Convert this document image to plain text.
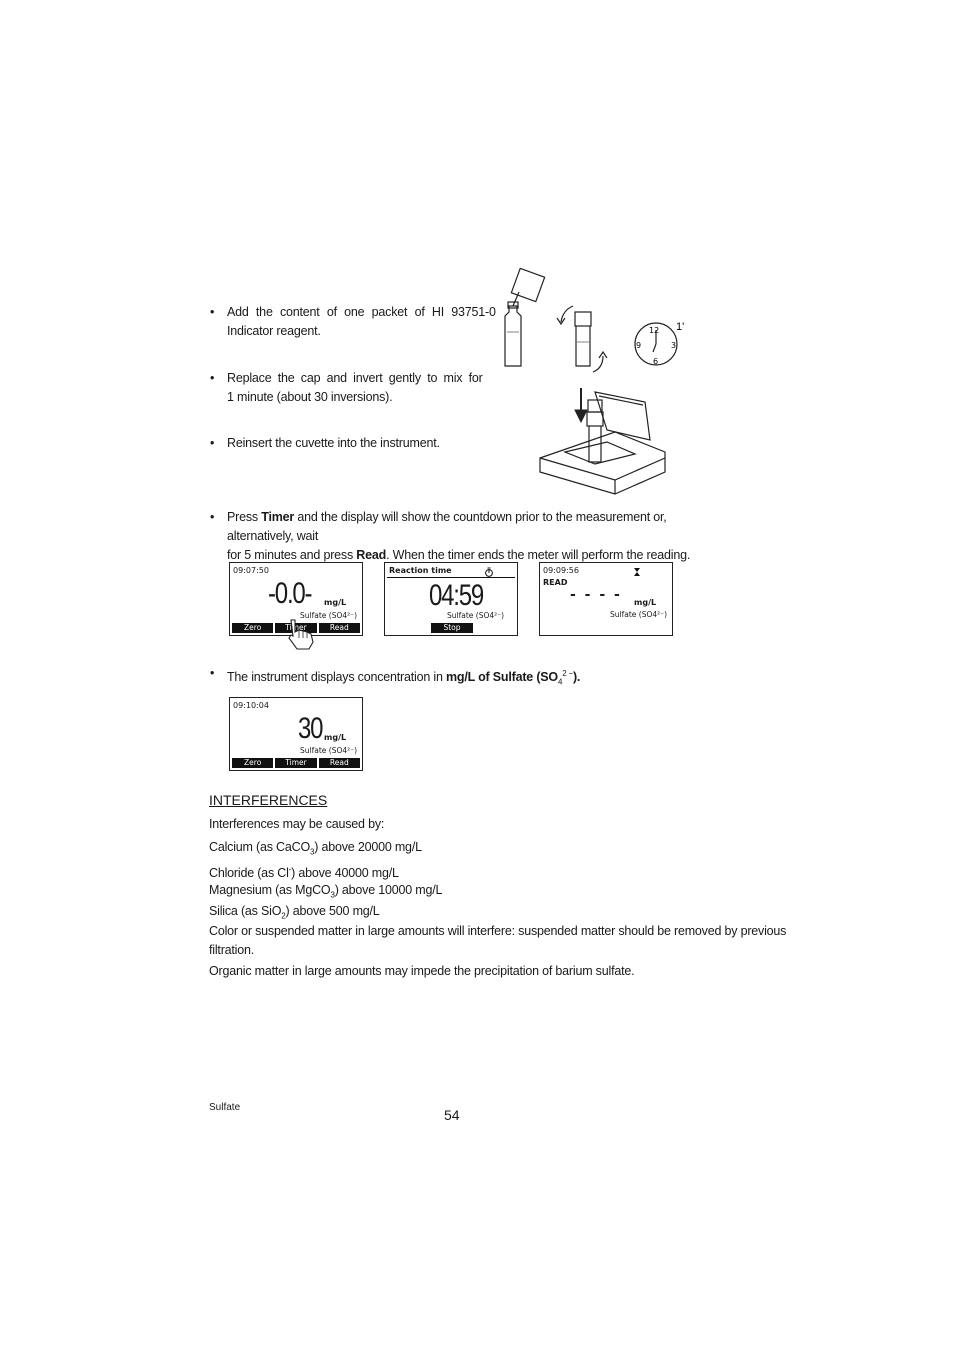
• Add the content of one packet of HI 93751-0
Indicator reagent.
• Replace the cap and invert gently to mix for
1 minute (about 30 inversions).
• Reinsert the cuvette into the instrument.
12
3
6
9
1'
• Press Timer and the display will show the countdown prior to the measurement or, alternatively, wait
for 5 minutes and press Read. When the timer ends the meter will perform the reading.
09:07:50
-0.0- mg/L
Sulfate (SO4²⁻)
Zero	Timer	Read
Reaction time
04:59
Sulfate (SO4²⁻)
Stop
09:09:56
READ
- - - - mg/L
Sulfate (SO4²⁻)
• The instrument displays concentration in mg/L of Sulfate $(SO_4^{2 -})$.
09:10:04
30 mg/L
Sulfate (SO4²⁻)
Zero	Timer	Read
INTERFERENCES
Interferences may be caused by:
Calcium (as CaCO$_3$) above 20000 mg/L
Chloride (as Cl-) above 40000 mg/L
Magnesium (as MgCO$_3$) above 10000 mg/L
Silica (as SiO$_2$) above 500 mg/L
Color or suspended matter in large amounts will interfere: suspended matter should be removed by previous
filtration.
Organic matter in large amounts may impede the precipitation of barium sulfate.
Sulfate	54
